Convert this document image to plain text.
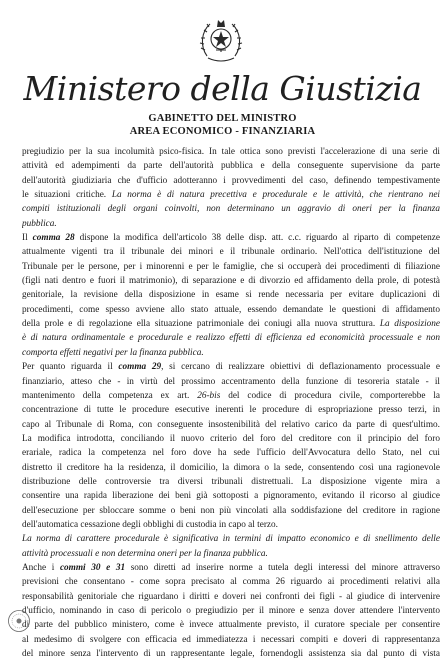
Ministero della Giustizia
GABINETTO DEL MINISTRO
AREA ECONOMICO - FINANZIARIA
pregiudizio per la sua incolumità psico-fisica. In tale ottica sono previsti l'accelerazione di una serie di
attività ed adempimenti da parte dell'autorità pubblica e della conseguente supervisione da parte
dell'autorità giudiziaria che d'ufficio adotteranno i provvedimenti del caso, definendo tempestivamente
le situazioni critiche. La norma è di natura precettiva e procedurale e le attività, che rientrano nei
compiti istituzionali degli organi coinvolti, non determinano un aggravio di oneri per la finanza
pubblica.
Il comma 28 dispone la modifica dell'articolo 38 delle disp. att. c.c. riguardo al riparto di competenze
attualmente vigenti tra il tribunale dei minori e il tribunale ordinario. Nell'ottica dell'istituzione del
Tribunale per le persone, per i minorenni e per le famiglie, che si occuperà dei procedimenti di filiazione
(figli nati dentro e fuori il matrimonio), di separazione e di divorzio ed affidamento della prole, di potestà
genitoriale, la revisione della disposizione in esame si rende necessaria per evitare duplicazioni di
procedimenti, come spesso avviene allo stato attuale, essendo demandate le questioni di affidamento
della prole e di regolazione ella situazione patrimoniale dei coniugi alla nuova struttura. La disposizione
è di natura ordinamentale e procedurale e realizzo effetti di efficienza ed economicità processuale e non
comporta effetti negativi per la finanza pubblica.
Per quanto riguarda il comma 29, si cercano di realizzare obiettivi di deflazionamento processuale e
finanziario, atteso che - in virtù del prossimo accentramento della funzione di tesoreria statale - il
mantenimento della competenza ex art. 26-bis del codice di procedura civile, comporterebbe la
concentrazione di tutte le procedure esecutive inerenti le procedure di espropriazione presso terzi, in
capo al Tribunale di Roma, con conseguente insostenibilità del relativo carico da parte di quest'ultimo.
La modifica introdotta, conciliando il nuovo criterio del foro del creditore con il principio del foro
erariale, radica la competenza nel foro dove ha sede l'ufficio dell'Avvocatura dello Stato, nel cui
distretto il creditore ha la residenza, il domicilio, la dimora o la sede, consentendo così una ragionevole
distribuzione delle controversie tra diversi tribunali distrettuali. La disposizione vigente mira a
consentire una rapida liberazione dei beni già sottoposti a pignoramento, evitando il ricorso al giudice
dell'esecuzione per sbloccare somme o beni non più vincolati alla soddisfazione del creditore in ragione
dell'automatica cessazione degli obblighi di custodia in capo al terzo.
La norma di carattere procedurale è significativa in termini di impatto economico e di snellimento delle
attività processuali e non determina oneri per la finanza pubblica.
Anche i commi 30 e 31 sono diretti ad inserire norme a tutela degli interessi del minore attraverso
previsioni che consentano - come sopra precisato al comma 26 riguardo ai procedimenti relativi alla
responsabilità genitoriale che riguardano i diritti e doveri nei confronti dei figli - al giudice di intervenire
d'ufficio, nominando in caso di pericolo o pregiudizio per il minore e senza dover attendere l'intervento
di parte del pubblico ministero, come è invece attualmente previsto, il curatore speciale per consentire
al medesimo di svolgere con efficacia ed immediatezza i necessari compiti e doveri di rappresentanza
del minore senza l'intervento di un rappresentante legale, fornendogli assistenza sia dal punto di vista
